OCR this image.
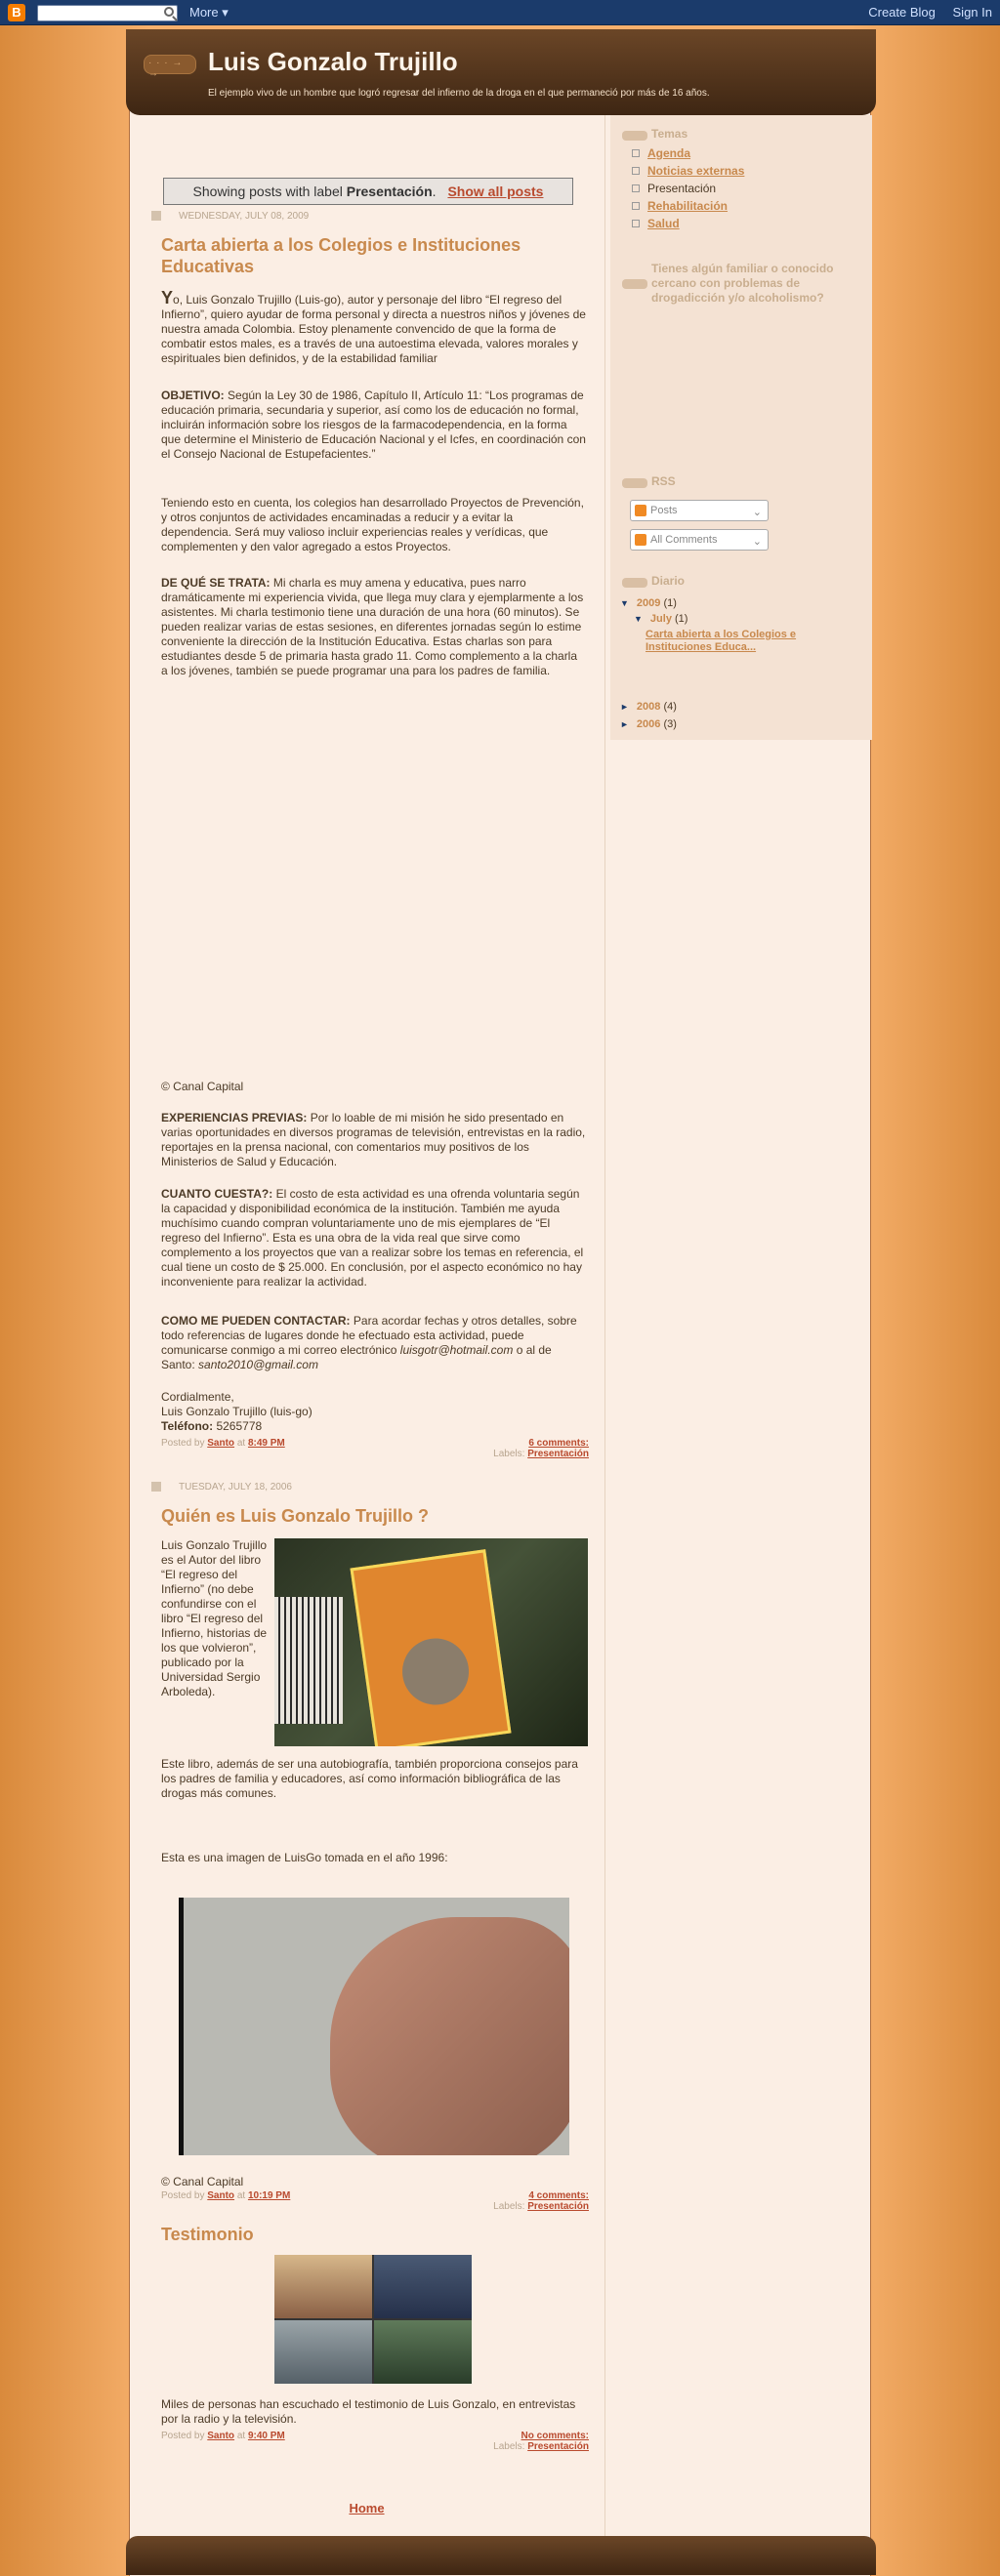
B	More ▾	Create Blog Sign In
· · · → →
Luis Gonzalo Trujillo
El ejemplo vivo de un hombre que logró regresar del infierno de la droga en el que permaneció por más de 16 años.
Showing posts with label Presentación. Show all posts
WEDNESDAY, JULY 08, 2009
Carta abierta a los Colegios e Instituciones Educativas
Yo, Luis Gonzalo Trujillo (Luis-go), autor y personaje del libro “El regreso del Infierno”, quiero ayudar de forma personal y directa a nuestros niños y jóvenes de nuestra amada Colombia. Estoy plenamente convencido de que la forma de combatir estos males, es a través de una autoestima elevada, valores morales y espirituales bien definidos, y de la estabilidad familiar
OBJETIVO: Según la Ley 30 de 1986, Capítulo II, Artículo 11: “Los programas de educación primaria, secundaria y superior, así como los de educación no formal, incluirán información sobre los riesgos de la farmacodependencia, en la forma que determine el Ministerio de Educación Nacional y el Icfes, en coordinación con el Consejo Nacional de Estupefacientes.”
Teniendo esto en cuenta, los colegios han desarrollado Proyectos de Prevención, y otros conjuntos de actividades encaminadas a reducir y a evitar la dependencia. Será muy valioso incluir experiencias reales y verídicas, que complementen y den valor agregado a estos Proyectos.
DE QUÉ SE TRATA: Mi charla es muy amena y educativa, pues narro dramáticamente mi experiencia vivida, que llega muy clara y ejemplarmente a los asistentes. Mi charla testimonio tiene una duración de una hora (60 minutos). Se pueden realizar varias de estas sesiones, en diferentes jornadas según lo estime conveniente la dirección de la Institución Educativa. Estas charlas son para estudiantes desde 5 de primaria hasta grado 11. Como complemento a la charla a los jóvenes, también se puede programar una para los padres de familia.
© Canal Capital
EXPERIENCIAS PREVIAS: Por lo loable de mi misión he sido presentado en varias oportunidades en diversos programas de televisión, entrevistas en la radio, reportajes en la prensa nacional, con comentarios muy positivos de los Ministerios de Salud y Educación.
CUANTO CUESTA?: El costo de esta actividad es una ofrenda voluntaria según la capacidad y disponibilidad económica de la institución. También me ayuda muchísimo cuando compran voluntariamente uno de mis ejemplares de “El regreso del Infierno”. Esta es una obra de la vida real que sirve como complemento a los proyectos que van a realizar sobre los temas en referencia, el cual tiene un costo de $ 25.000. En conclusión, por el aspecto económico no hay inconveniente para realizar la actividad.
COMO ME PUEDEN CONTACTAR: Para acordar fechas y otros detalles, sobre todo referencias de lugares donde he efectuado esta actividad, puede comunicarse conmigo a mi correo electrónico luisgotr@hotmail.com o al de Santo: santo2010@gmail.com
Cordialmente,
Luis Gonzalo Trujillo (luis-go)
Teléfono: 5265778
Posted by Santo at 8:49 PM	6 comments:
Labels: Presentación
TUESDAY, JULY 18, 2006
Quién es Luis Gonzalo Trujillo ?
Luis Gonzalo Trujillo es el Autor del libro “El regreso del Infierno” (no debe confundirse con el libro “El regreso del Infierno, historias de los que volvieron”, publicado por la Universidad Sergio Arboleda).
Este libro, además de ser una autobiografía, también proporciona consejos para los padres de familia y educadores, así como información bibliográfica de las drogas más comunes.
Esta es una imagen de LuisGo tomada en el año 1996:
© Canal Capital
Posted by Santo at 10:19 PM	4 comments:
Labels: Presentación
Testimonio
Miles de personas han escuchado el testimonio de Luis Gonzalo, en entrevistas por la radio y la televisión.
Posted by Santo at 9:40 PM	No comments:
Labels: Presentación
Home
Temas
Agenda
Noticias externas
Presentación
Rehabilitación
Salud
Tienes algún familiar o conocido cercano con problemas de drogadicción y/o alcoholismo?
RSS
Posts	⌄
All Comments	⌄
Diario
▼ 2009 (1)
▼ July (1)
Carta abierta a los Colegios e Instituciones Educa...
► 2008 (4)
► 2006 (3)
